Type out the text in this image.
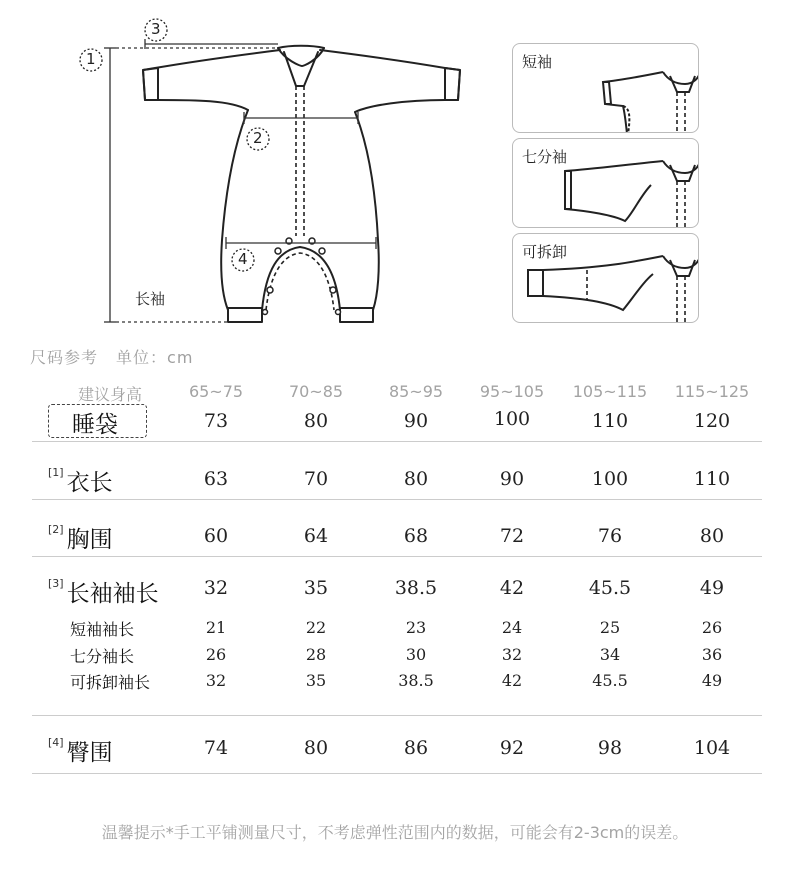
1
3
2
4
长袖
短袖
七分袖
可拆卸
尺码参考 单位：cm
建议身高	65~75	70~85	85~95	95~105	105~115	115~125
睡袋	73	80	90	100	110	120
[1] 衣长	63	70	80	90	100	110
[2] 胸围	60	64	68	72	76	80
[3] 长袖袖长	32	35	38.5	42	45.5	49
短袖袖长	21	22	23	24	25	26
七分袖长	26	28	30	32	34	36
可拆卸袖长	32	35	38.5	42	45.5	49
[4] 臀围	74	80	86	92	98	104
温馨提示*手工平铺测量尺寸，不考虑弹性范围内的数据，可能会有2-3cm的误差。
